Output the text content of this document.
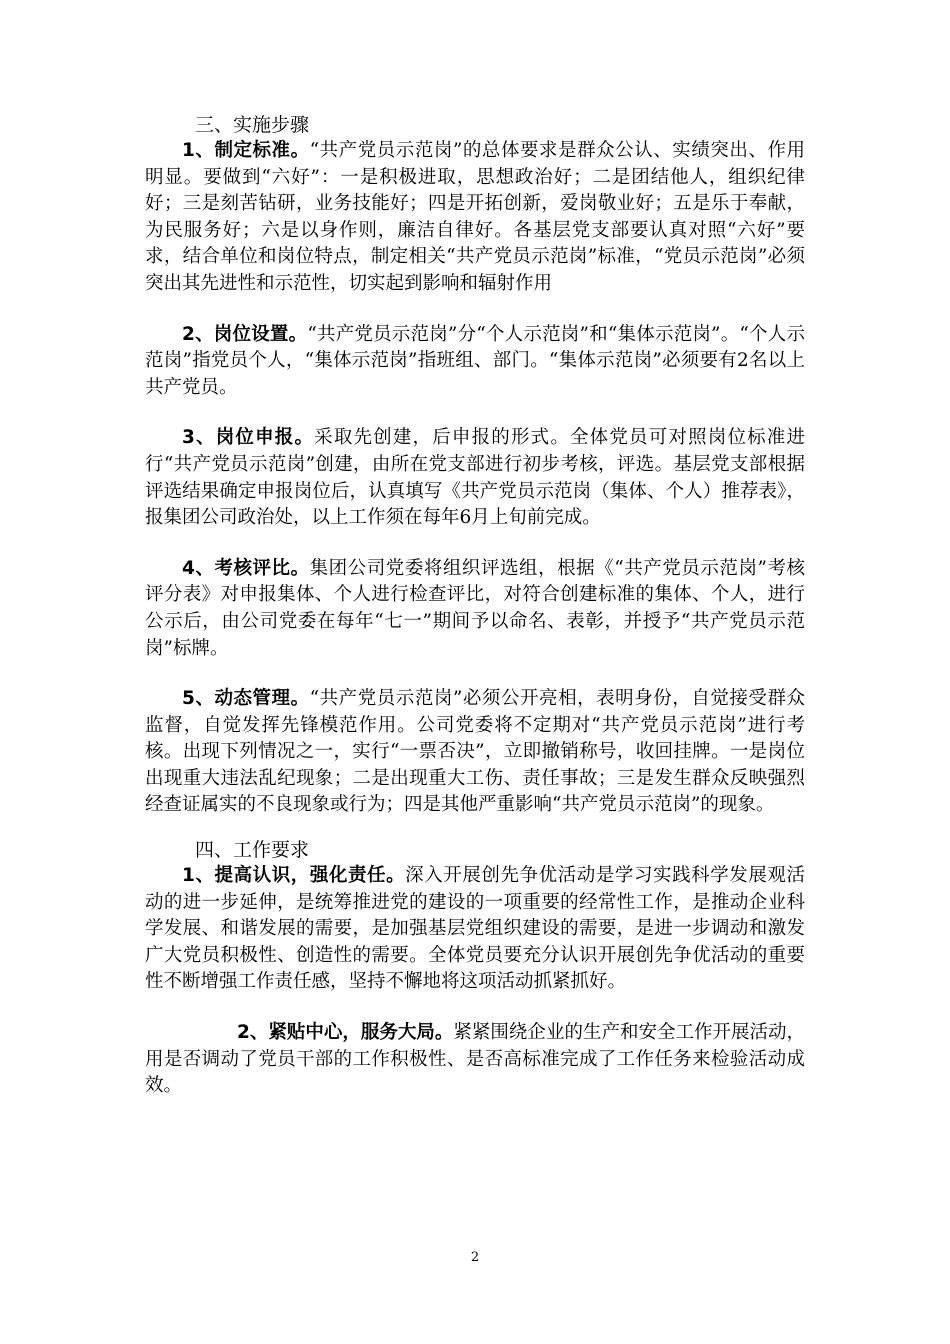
三、实施步骤

1、制定标准。“共产党员示范岗”的总体要求是群众公认、实绩突出、作用明显。要做到“六好”：一是积极进取，思想政治好；二是团结他人，组织纪律好；三是刻苦钻研，业务技能好；四是开拓创新，爱岗敬业好；五是乐于奉献，为民服务好；六是以身作则，廉洁自律好。各基层党支部要认真对照“六好”要求，结合单位和岗位特点，制定相关“共产党员示范岗”标准，“党员示范岗”必须突出其先进性和示范性，切实起到影响和辐射作用

2、岗位设置。“共产党员示范岗”分“个人示范岗”和“集体示范岗”。“个人示范岗”指党员个人，“集体示范岗”指班组、部门。“集体示范岗”必须要有2名以上共产党员。

3、岗位申报。采取先创建，后申报的形式。全体党员可对照岗位标准进行“共产党员示范岗”创建，由所在党支部进行初步考核，评选。基层党支部根据评选结果确定申报岗位后，认真填写《共产党员示范岗（集体、个人）推荐表》，报集团公司政治处，以上工作须在每年6月上旬前完成。

4、考核评比。集团公司党委将组织评选组，根据《“共产党员示范岗”考核评分表》对申报集体、个人进行检查评比，对符合创建标准的集体、个人，进行公示后，由公司党委在每年“七一”期间予以命名、表彰，并授予“共产党员示范岗”标牌。

5、动态管理。“共产党员示范岗”必须公开亮相，表明身份，自觉接受群众监督，自觉发挥先锋模范作用。公司党委将不定期对“共产党员示范岗”进行考核。出现下列情况之一，实行“一票否决”，立即撤销称号，收回挂牌。一是岗位出现重大违法乱纪现象；二是出现重大工伤、责任事故；三是发生群众反映强烈经查证属实的不良现象或行为；四是其他严重影响“共产党员示范岗”的现象。

四、工作要求

1、提高认识，强化责任。深入开展创先争优活动是学习实践科学发展观活动的进一步延伸，是统筹推进党的建设的一项重要的经常性工作，是推动企业科学发展、和谐发展的需要，是加强基层党组织建设的需要，是进一步调动和激发广大党员积极性、创造性的需要。全体党员要充分认识开展创先争优活动的重要性不断增强工作责任感，坚持不懈地将这项活动抓紧抓好。

2、紧贴中心，服务大局。紧紧围绕企业的生产和安全工作开展活动，用是否调动了党员干部的工作积极性、是否高标准完成了工作任务来检验活动成效。

2
